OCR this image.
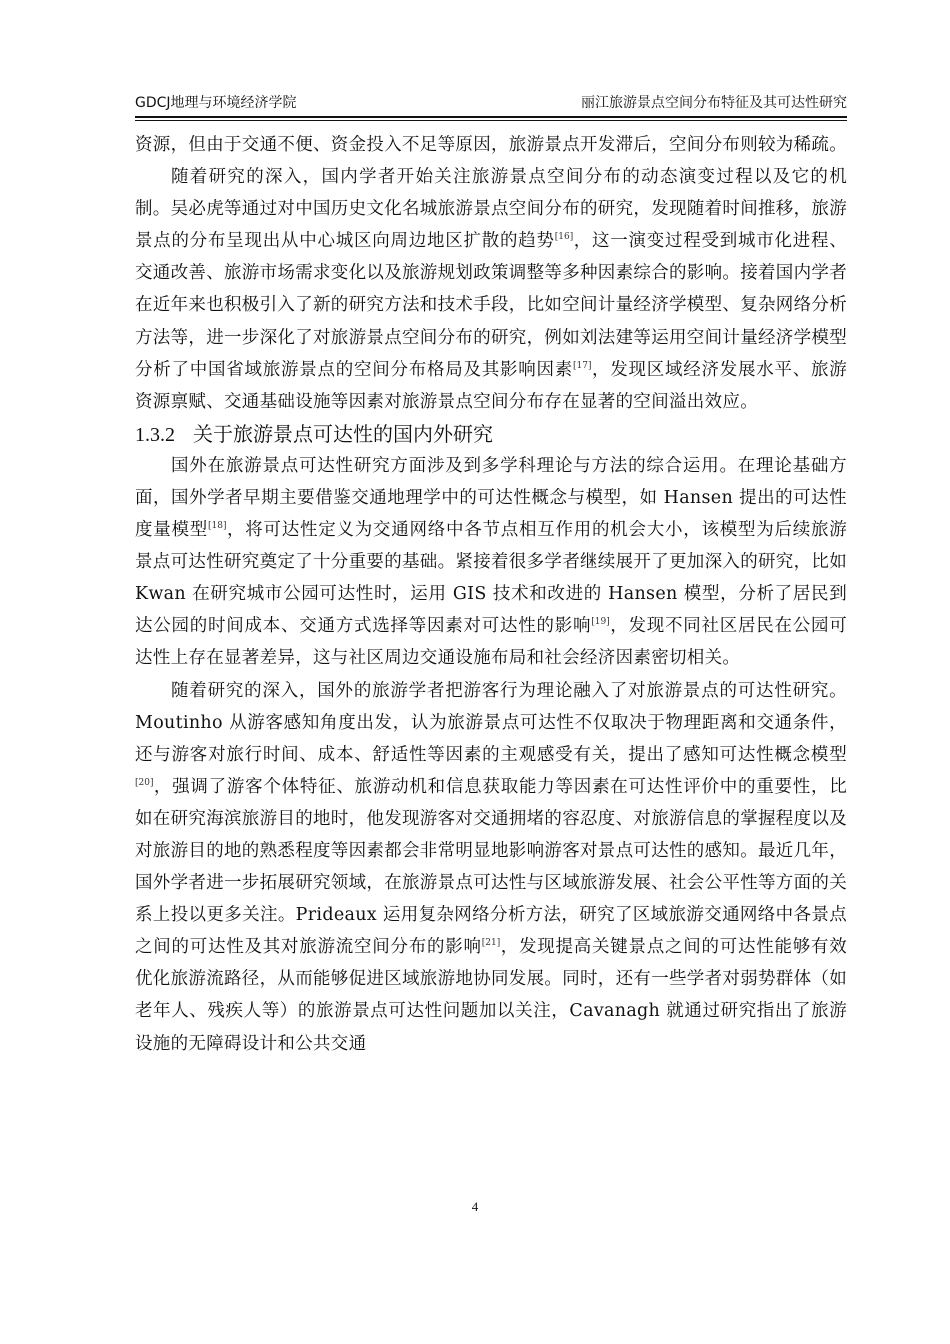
GDCJ地理与环境经济学院	丽江旅游景点空间分布特征及其可达性研究

资源，但由于交通不便、资金投入不足等原因，旅游景点开发滞后，空间分布则较为稀疏。

随着研究的深入，国内学者开始关注旅游景点空间分布的动态演变过程以及它的机制。吴必虎等通过对中国历史文化名城旅游景点空间分布的研究，发现随着时间推移，旅游景点的分布呈现出从中心城区向周边地区扩散的趋势[16]，这一演变过程受到城市化进程、交通改善、旅游市场需求变化以及旅游规划政策调整等多种因素综合的影响。接着国内学者在近年来也积极引入了新的研究方法和技术手段，比如空间计量经济学模型、复杂网络分析方法等，进一步深化了对旅游景点空间分布的研究，例如刘法建等运用空间计量经济学模型分析了中国省域旅游景点的空间分布格局及其影响因素[17]，发现区域经济发展水平、旅游资源禀赋、交通基础设施等因素对旅游景点空间分布存在显著的空间溢出效应。

1.3.2 关于旅游景点可达性的国内外研究

国外在旅游景点可达性研究方面涉及到多学科理论与方法的综合运用。在理论基础方面，国外学者早期主要借鉴交通地理学中的可达性概念与模型，如 Hansen 提出的可达性度量模型[18]，将可达性定义为交通网络中各节点相互作用的机会大小，该模型为后续旅游景点可达性研究奠定了十分重要的基础。紧接着很多学者继续展开了更加深入的研究，比如 Kwan 在研究城市公园可达性时，运用 GIS 技术和改进的 Hansen 模型，分析了居民到达公园的时间成本、交通方式选择等因素对可达性的影响[19]，发现不同社区居民在公园可达性上存在显著差异，这与社区周边交通设施布局和社会经济因素密切相关。

随着研究的深入，国外的旅游学者把游客行为理论融入了对旅游景点的可达性研究。Moutinho 从游客感知角度出发，认为旅游景点可达性不仅取决于物理距离和交通条件，还与游客对旅行时间、成本、舒适性等因素的主观感受有关，提出了感知可达性概念模型[20]，强调了游客个体特征、旅游动机和信息获取能力等因素在可达性评价中的重要性，比如在研究海滨旅游目的地时，他发现游客对交通拥堵的容忍度、对旅游信息的掌握程度以及对旅游目的地的熟悉程度等因素都会非常明显地影响游客对景点可达性的感知。最近几年，国外学者进一步拓展研究领域，在旅游景点可达性与区域旅游发展、社会公平性等方面的关系上投以更多关注。Prideaux 运用复杂网络分析方法，研究了区域旅游交通网络中各景点之间的可达性及其对旅游流空间分布的影响[21]，发现提高关键景点之间的可达性能够有效优化旅游流路径，从而能够促进区域旅游地协同发展。同时，还有一些学者对弱势群体（如老年人、残疾人等）的旅游景点可达性问题加以关注，Cavanagh 就通过研究指出了旅游设施的无障碍设计和公共交通

4
